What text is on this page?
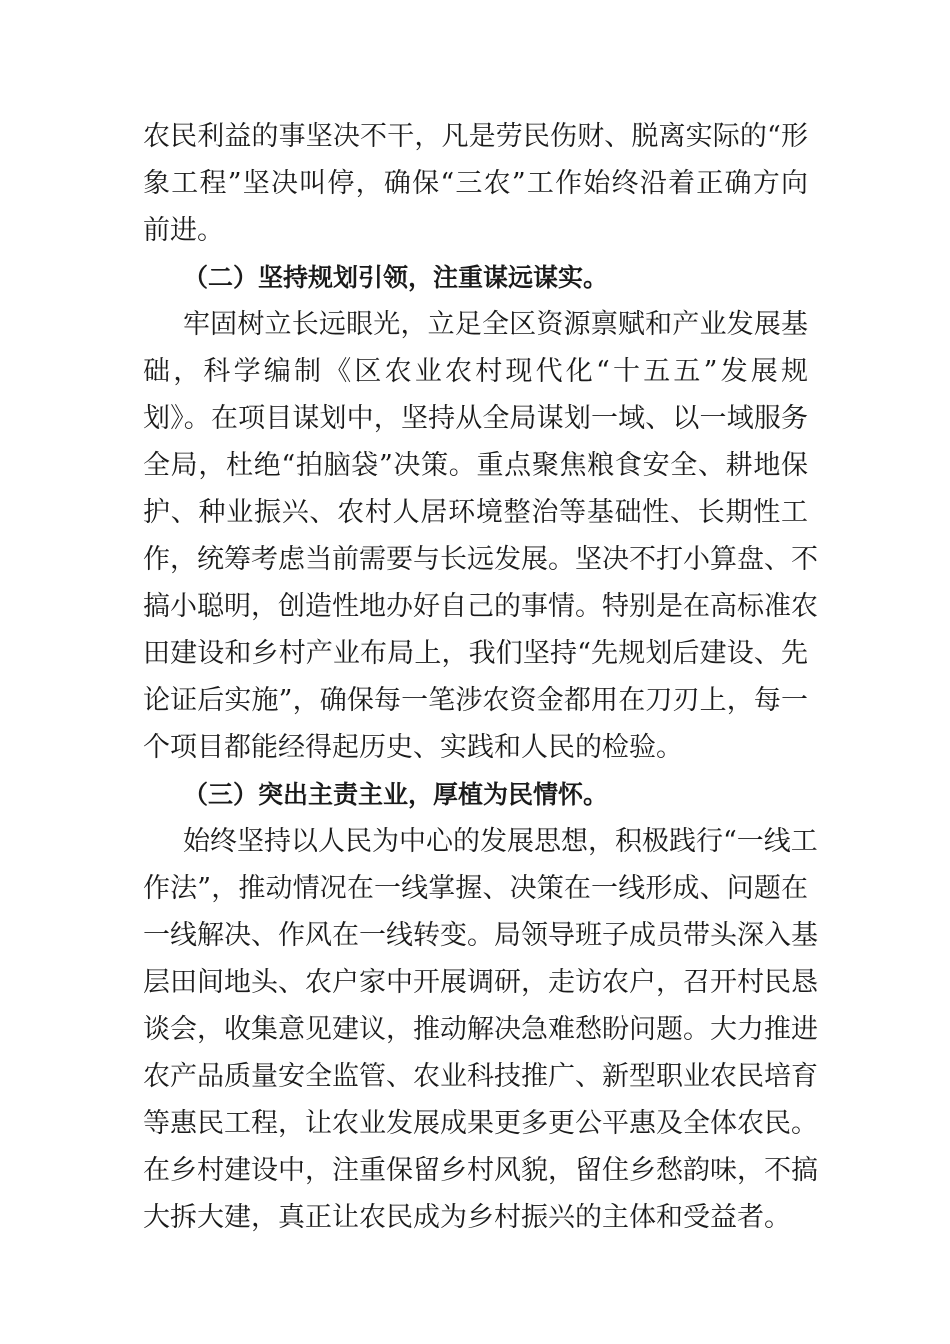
农民利益的事坚决不干，凡是劳民伤财、脱离实际的“形
象工程”坚决叫停，确保“三农”工作始终沿着正确方向
前进。
（二）坚持规划引领，注重谋远谋实。
牢固树立长远眼光，立足全区资源禀赋和产业发展基
础，科学编制《区农业农村现代化“十五五”发展规
划》。在项目谋划中，坚持从全局谋划一域、以一域服务
全局，杜绝“拍脑袋”决策。重点聚焦粮食安全、耕地保
护、种业振兴、农村人居环境整治等基础性、长期性工
作，统筹考虑当前需要与长远发展。坚决不打小算盘、不
搞小聪明，创造性地办好自己的事情。特别是在高标准农
田建设和乡村产业布局上，我们坚持“先规划后建设、先
论证后实施”，确保每一笔涉农资金都用在刀刃上，每一
个项目都能经得起历史、实践和人民的检验。
（三）突出主责主业，厚植为民情怀。
始终坚持以人民为中心的发展思想，积极践行“一线工
作法”，推动情况在一线掌握、决策在一线形成、问题在
一线解决、作风在一线转变。局领导班子成员带头深入基
层田间地头、农户家中开展调研，走访农户，召开村民恳
谈会，收集意见建议，推动解决急难愁盼问题。大力推进
农产品质量安全监管、农业科技推广、新型职业农民培育
等惠民工程，让农业发展成果更多更公平惠及全体农民。
在乡村建设中，注重保留乡村风貌，留住乡愁韵味，不搞
大拆大建，真正让农民成为乡村振兴的主体和受益者。
